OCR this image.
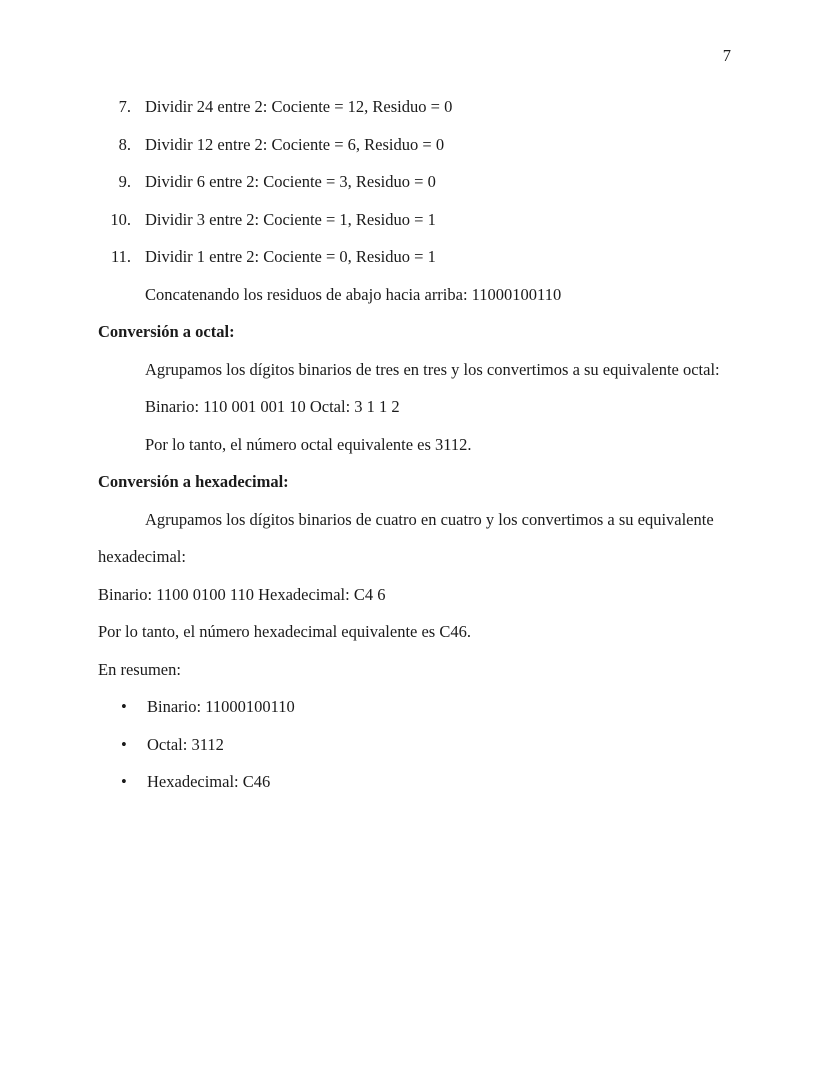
7
7. Dividir 24 entre 2: Cociente = 12, Residuo = 0
8. Dividir 12 entre 2: Cociente = 6, Residuo = 0
9. Dividir 6 entre 2: Cociente = 3, Residuo = 0
10. Dividir 3 entre 2: Cociente = 1, Residuo = 1
11. Dividir 1 entre 2: Cociente = 0, Residuo = 1
Concatenando los residuos de abajo hacia arriba: 11000100110
Conversión a octal:
Agrupamos los dígitos binarios de tres en tres y los convertimos a su equivalente octal:
Binario: 110 001 001 10 Octal: 3 1 1 2
Por lo tanto, el número octal equivalente es 3112.
Conversión a hexadecimal:
Agrupamos los dígitos binarios de cuatro en cuatro y los convertimos a su equivalente
hexadecimal:
Binario: 1100 0100 110 Hexadecimal: C4 6
Por lo tanto, el número hexadecimal equivalente es C46.
En resumen:
• Binario: 11000100110
• Octal: 3112
• Hexadecimal: C46
